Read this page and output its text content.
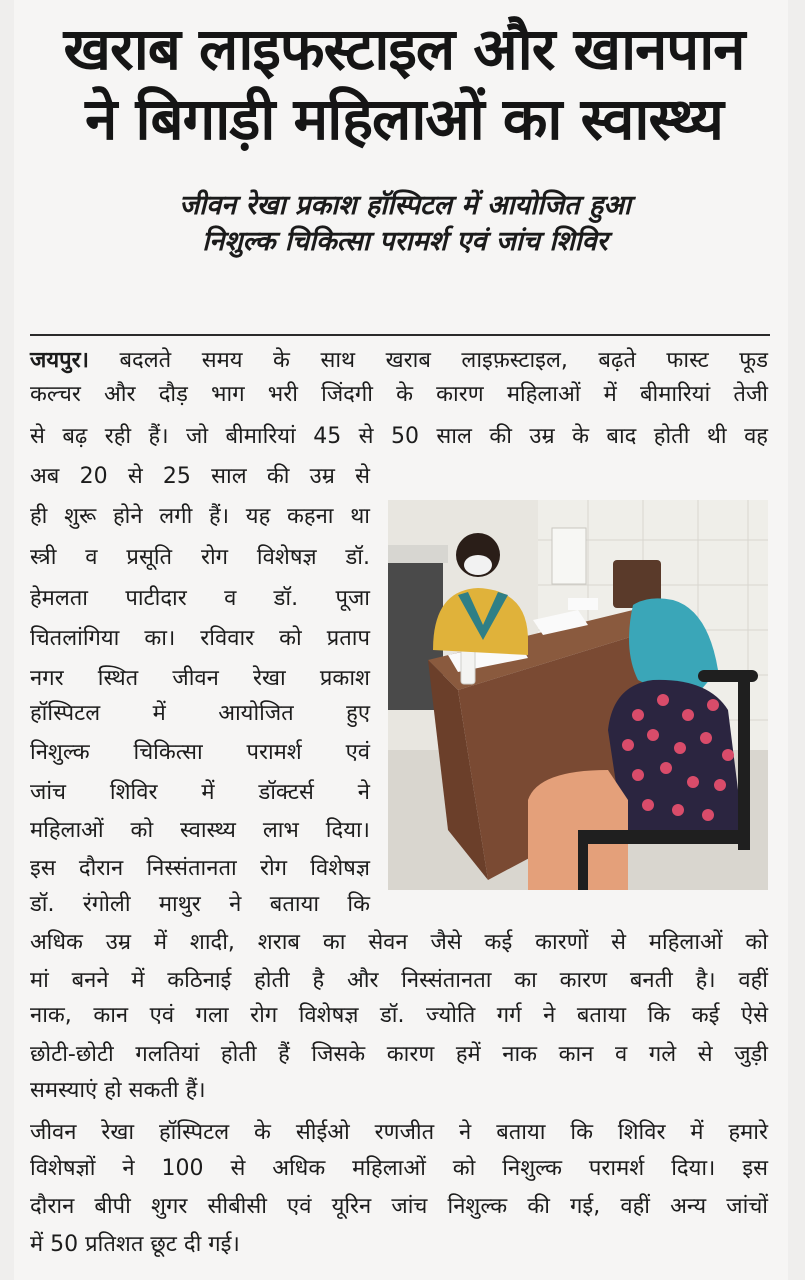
खराब लाइफस्टाइल और खानपान
ने बिगाड़ी महिलाओं का स्वास्थ्य
जीवन रेखा प्रकाश हॉस्पिटल में आयोजित हुआ
निशुल्क चिकित्सा परामर्श एवं जांच शिविर

जयपुर। बदलते समय के साथ खराब लाइफ़स्टाइल, बढ़ते फास्ट फूड

कल्चर और दौड़ भाग भरी जिंदगी के कारण महिलाओं में बीमारियां तेजी

से बढ़ रही हैं। जो बीमारियां 45 से 50 साल की उम्र के बाद होती थी वह

अब 20 से 25 साल की उम्र से

ही शुरू होने लगी हैं। यह कहना था

स्त्री व प्रसूति रोग विशेषज्ञ डॉ.

हेमलता पाटीदार व डॉ. पूजा

चितलांगिया का। रविवार को प्रताप

नगर स्थित जीवन रेखा प्रकाश

हॉस्पिटल में आयोजित हुए

निशुल्क चिकित्सा परामर्श एवं

जांच शिविर में डॉक्टर्स ने

महिलाओं को स्वास्थ्य लाभ दिया।

इस दौरान निस्संतानता रोग विशेषज्ञ

डॉ. रंगोली माथुर ने बताया कि

अधिक उम्र में शादी, शराब का सेवन जैसे कई कारणों से महिलाओं को

मां बनने में कठिनाई होती है और निस्संतानता का कारण बनती है। वहीं

नाक, कान एवं गला रोग विशेषज्ञ डॉ. ज्योति गर्ग ने बताया कि कई ऐसे

छोटी-छोटी गलतियां होती हैं जिसके कारण हमें नाक कान व गले से जुड़ी

समस्याएं हो सकती हैं।

जीवन रेखा हॉस्पिटल के सीईओ रणजीत ने बताया कि शिविर में हमारे

विशेषज्ञों ने 100 से अधिक महिलाओं को निशुल्क परामर्श दिया। इस

दौरान बीपी शुगर सीबीसी एवं यूरिन जांच निशुल्क की गई, वहीं अन्य जांचों

में 50 प्रतिशत छूट दी गई।
